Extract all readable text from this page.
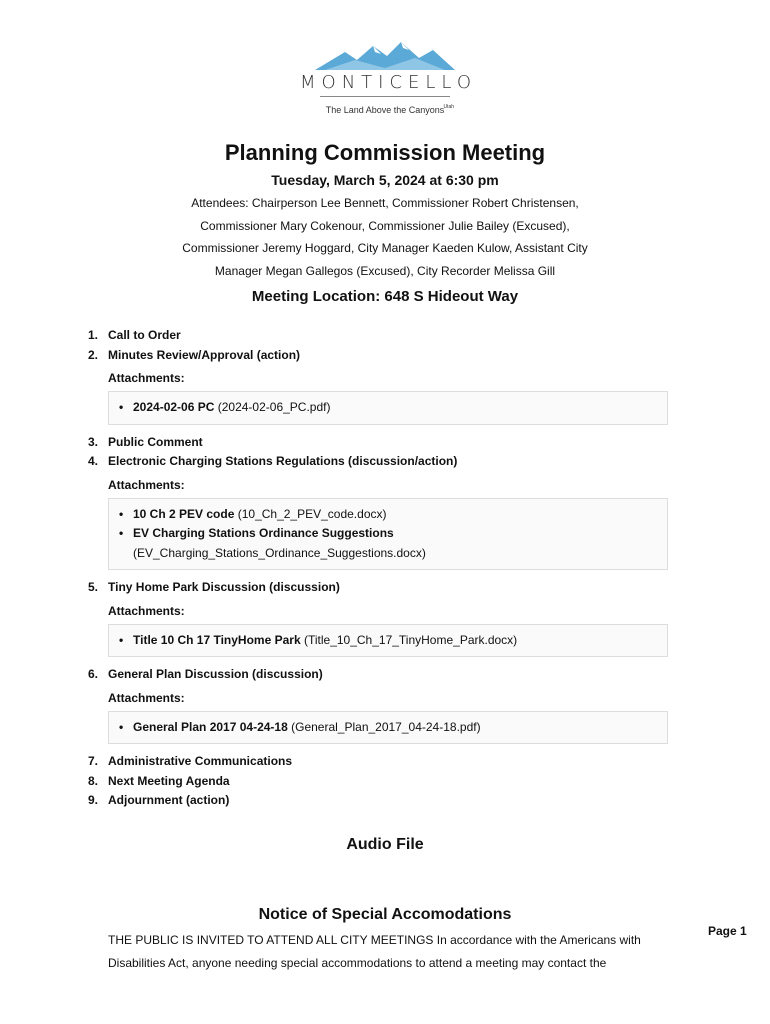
MONTICELLO
Utah
The Land Above the Canyons
Planning Commission Meeting
Tuesday, March 5, 2024 at 6:30 pm
Attendees: Chairperson Lee Bennett, Commissioner Robert Christensen, Commissioner Mary Cokenour, Commissioner Julie Bailey (Excused), Commissioner Jeremy Hoggard, City Manager Kaeden Kulow, Assistant City Manager Megan Gallegos (Excused), City Recorder Melissa Gill
Meeting Location: 648 S Hideout Way
1. Call to Order
2. Minutes Review/Approval (action)
Attachments:
• 2024-02-06 PC (2024-02-06_PC.pdf)
3. Public Comment
4. Electronic Charging Stations Regulations (discussion/action)
Attachments:
• 10 Ch 2 PEV code (10_Ch_2_PEV_code.docx)
• EV Charging Stations Ordinance Suggestions (EV_Charging_Stations_Ordinance_Suggestions.docx)
5. Tiny Home Park Discussion (discussion)
Attachments:
• Title 10 Ch 17 TinyHome Park (Title_10_Ch_17_TinyHome_Park.docx)
6. General Plan Discussion (discussion)
Attachments:
• General Plan 2017 04-24-18 (General_Plan_2017_04-24-18.pdf)
7. Administrative Communications
8. Next Meeting Agenda
9. Adjournment (action)
Audio File
Notice of Special Accomodations
THE PUBLIC IS INVITED TO ATTEND ALL CITY MEETINGS In accordance with the Americans with Disabilities Act, anyone needing special accommodations to attend a meeting may contact the
Page 1
